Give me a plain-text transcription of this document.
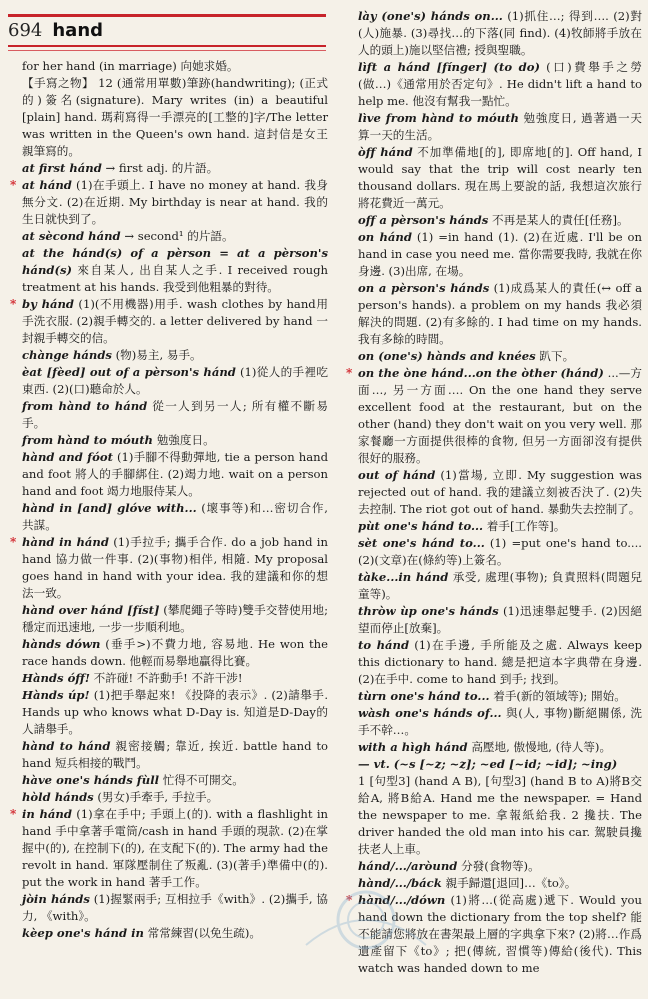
694 hand

for her hand (in marriage) 向她求婚。

【手寫之物】 12 (通常用單數)筆跡(handwriting); (正式的)簽名(signature). Mary writes (in) a beautiful [plain] hand. 瑪莉寫得一手漂亮的[工整的]字/The letter was written in the Queen's own hand. 這封信是女王親筆寫的。

at first hánd → first adj. 的片語。

* at hánd (1)在手頭上. I have no money at hand. 我身無分文. (2)在近期. My birthday is near at hand. 我的生日就快到了。

at sècond hánd → second¹ 的片語。

at the hánd(s) of a pèrson = at a pèrson's hánd(s) 來自某人, 出自某人之手. I received rough treatment at his hands. 我受到他粗暴的對待。

* by hánd (1)(不用機器)用手. wash clothes by hand用手洗衣服. (2)親手轉交的. a letter delivered by hand 一封親手轉交的信。

chànge hánds (物)易主, 易手。

èat [fèed] out of a pèrson's hánd (1)從人的手裡吃東西. (2)(口)聽命於人。

from hànd to hánd 從一人到另一人; 所有權不斷易手。

from hànd to móuth 勉強度日。

hànd and fóot (1)手腳不得動彈地, tie a person hand and foot 將人的手腳綁住. (2)竭力地. wait on a person hand and foot 竭力地服侍某人。

hànd in [and] glóve with... (壞事等)和…密切合作, 共謀。

* hànd in hánd (1)手拉手; 攜手合作. do a job hand in hand 協力做一件事. (2)(事物)相伴, 相隨. My proposal goes hand in hand with your idea. 我的建議和你的想法一致。

hànd over hánd [físt] (攀爬繩子等時)雙手交替使用地; 穩定而迅速地, 一步一步順利地。

hànds dówn (垂手>)不費力地, 容易地. He won the race hands down. 他輕而易舉地贏得比賽。

Hànds óff! 不許碰! 不許動手! 不許干涉!

Hànds úp! (1)把手舉起來! 《投降的表示》. (2)請舉手. Hands up who knows what D-Day is. 知道是D-Day的人請舉手。

hànd to hánd 親密接觸; 靠近, 挨近. battle hand to hand 短兵相接的戰鬥。

hàve one's hánds fùll 忙得不可開交。

hòld hánds (男女)手牽手, 手拉手。

* in hánd (1)拿在手中; 手頭上(的). with a flashlight in hand 手中拿著手電筒/cash in hand 手頭的現款. (2)在掌握中(的), 在控制下(的), 在支配下(的). The army had the revolt in hand. 軍隊壓制住了叛亂. (3)(著手)準備中(的). put the work in hand 著手工作。

jòin hánds (1)握緊兩手; 互相拉手《with》. (2)攜手, 協力, 《with》。

kèep one's hánd in 常常練習(以免生疏)。

lày (one's) hánds on... (1)抓住…; 得到…. (2)對(人)施暴. (3)尋找…的下落(同 find). (4)牧師將手放在人的頭上)施以堅信禮; 授與聖職。

lìft a hánd [fínger] (to do) (口)費舉手之勞(做…)《通常用於否定句》. He didn't lift a hand to help me. 他沒有幫我一點忙。

lìve from hànd to móuth 勉強度日, 過著過一天算一天的生活。

òff hánd 不加準備地[的], 即席地[的]. Off hand, I would say that the trip will cost nearly ten thousand dollars. 現在馬上要說的話, 我想這次旅行將花費近一萬元。

off a pèrson's hánds 不再是某人的責任[任務]。

on hánd (1) =in hand (1). (2)在近處. I'll be on hand in case you need me. 當你需要我時, 我就在你身邊. (3)出席, 在場。

on a pèrson's hánds (1)成爲某人的責任(↔ off a person's hands). a problem on my hands 我必須解決的問題. (2)有多餘的. I had time on my hands. 我有多餘的時間。

on (one's) hànds and knées 趴下。

* on the òne hánd...on the òther (hánd) ...—方面…, 另一方面…. On the one hand they serve excellent food at the restaurant, but on the other (hand) they don't wait on you very well. 那家餐廳一方面提供很棒的食物, 但另一方面卻沒有提供很好的服務。

out of hánd (1)當場, 立即. My suggestion was rejected out of hand. 我的建議立刻被否決了. (2)失去控制. The riot got out of hand. 暴動失去控制了。

pùt one's hánd to... 着手[工作等]。

sèt one's hánd to... (1) =put one's hand to.... (2)(文章)在(條約等)上簽名。

tàke...in hánd 承受, 處理(事物); 負責照料(問題兒童等)。

thròw ùp one's hánds (1)迅速舉起雙手. (2)因絕望而停止[放棄]。

to hánd (1)在手邊, 手所能及之處. Always keep this dictionary to hand. 總是把這本字典帶在身邊. (2)在手中. come to hand 到手; 找到。

tùrn one's hánd to... 着手(新的領域等); 開始。

wàsh one's hánds of... 與(人, 事物)斷絕關係, 洗手不幹…。

with a hìgh hánd 高壓地, 傲慢地, (待人等)。

— vt. (~s [~z; ~z]; ~ed [~id; ~id]; ~ing)

1 [句型3] (hand A B), [句型3] (hand B to A)將B交給A, 將B給A. Hand me the newspaper. = Hand the newspaper to me. 拿報紙給我. 2 攙扶. The driver handed the old man into his car. 駕駛員攙扶老人上車。

hánd/.../aròund 分發(食物等)。

hànd/.../báck 親手歸還[退回]…《to》。

* hànd/.../dówn (1)將…(從高處)遞下. Would you hand down the dictionary from the top shelf? 能不能請您將放在書架最上層的字典拿下來? (2)將…作爲遺產留下《to》; 把(傳統, 習慣等)傳給(後代). This watch was handed down to me
